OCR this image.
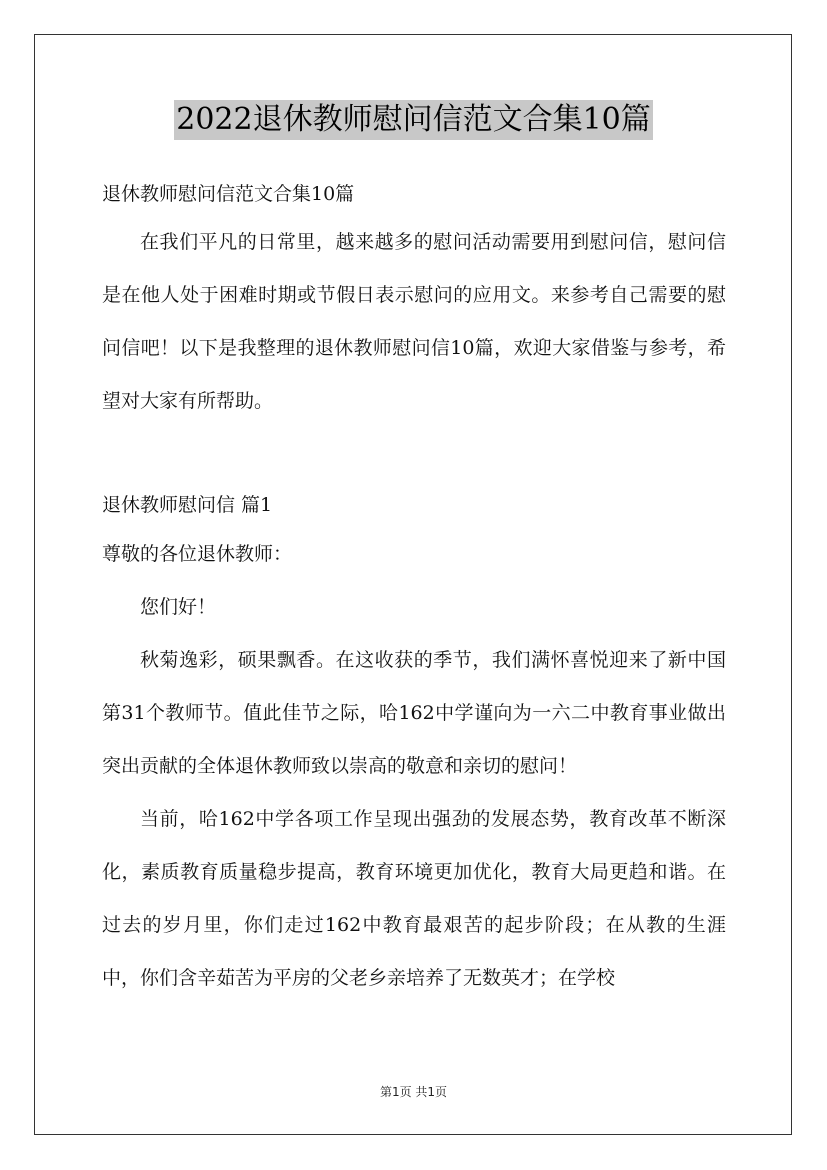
2022退休教师慰问信范文合集10篇

退休教师慰问信范文合集10篇

在我们平凡的日常里，越来越多的慰问活动需要用到慰问信，慰问信是在他人处于困难时期或节假日表示慰问的应用文。来参考自己需要的慰问信吧！以下是我整理的退休教师慰问信10篇，欢迎大家借鉴与参考，希望对大家有所帮助。

退休教师慰问信 篇1

尊敬的各位退休教师：

您们好！

秋菊逸彩，硕果飘香。在这收获的季节，我们满怀喜悦迎来了新中国第31个教师节。值此佳节之际，哈162中学谨向为一六二中教育事业做出突出贡献的全体退休教师致以崇高的敬意和亲切的慰问！

当前，哈162中学各项工作呈现出强劲的发展态势，教育改革不断深化，素质教育质量稳步提高，教育环境更加优化，教育大局更趋和谐。在过去的岁月里，你们走过162中教育最艰苦的起步阶段；在从教的生涯中，你们含辛茹苦为平房的父老乡亲培养了无数英才；在学校

第1页 共1页
